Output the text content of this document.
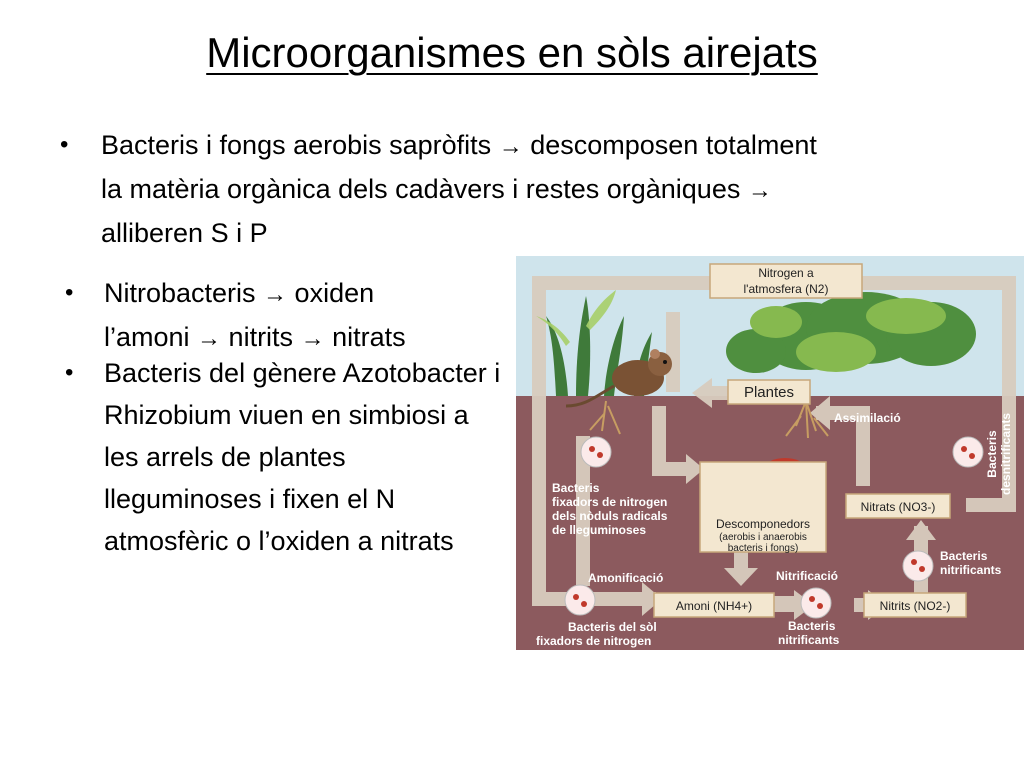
Microorganismes en sòls airejats
• Bacteris i fongs aerobis sapròfits → descomposen totalment
la matèria orgànica dels cadàvers i restes orgàniques →
alliberen S i P
• Nitrobacteris → oxiden
l’amoni → nitrits → nitrats
• Bacteris del gènere Azotobacter i Rhizobium viuen en simbiosi a les arrels de plantes lleguminoses i fixen el N atmosfèric o l’oxiden a nitrats
Nitrogen a
l'atmosfera (N2)
Plantes
Descomponedors
(aerobis i anaerobis
bacteris i fongs)
Nitrats (NO3-)
Amoni (NH4+)	Nitrits (NO2-)
Assimilació
Bacteris
fixadors de nitrogen
dels nòduls radicals
de lleguminoses
Amonificació	Nitrificació
Bacteris
nitrificants
Bacteris del sòl
fixadors de nitrogen
Bacteris
nitrificants
Bacteris desnitrificants
